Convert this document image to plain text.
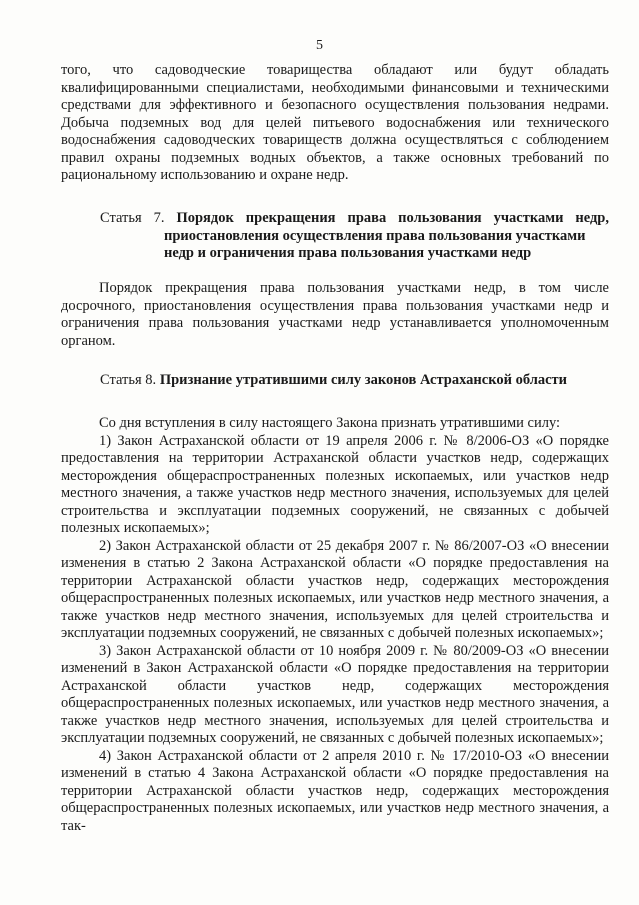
5

того, что садоводческие товарищества обладают или будут обладать квалифицированными специалистами, необходимыми финансовыми и техническими средствами для эффективного и безопасного осуществления пользования недрами. Добыча подземных вод для целей питьевого водоснабжения или технического водоснабжения садоводческих товариществ должна осуществляться с соблюдением правил охраны подземных водных объектов, а также основных требований по рациональному использованию и охране недр.

Статья 7. Порядок прекращения права пользования участками недр,
приостановления осуществления права пользования участками
недр и ограничения права пользования участками недр

Порядок прекращения права пользования участками недр, в том числе досрочного, приостановления осуществления права пользования участками недр и ограничения права пользования участками недр устанавливается уполномоченным органом.

Статья 8. Признание утратившими силу законов Астраханской области

Со дня вступления в силу настоящего Закона признать утратившими силу:

1) Закон Астраханской области от 19 апреля 2006 г. № 8/2006-ОЗ «О порядке предоставления на территории Астраханской области участков недр, содержащих месторождения общераспространенных полезных ископаемых, или участков недр местного значения, а также участков недр местного значения, используемых для целей строительства и эксплуатации подземных сооружений, не связанных с добычей полезных ископаемых»;

2) Закон Астраханской области от 25 декабря 2007 г. № 86/2007-ОЗ «О внесении изменения в статью 2 Закона Астраханской области «О порядке предоставления на территории Астраханской области участков недр, содержащих месторождения общераспространенных полезных ископаемых, или участков недр местного значения, а также участков недр местного значения, используемых для целей строительства и эксплуатации подземных сооружений, не связанных с добычей полезных ископаемых»;

3) Закон Астраханской области от 10 ноября 2009 г. № 80/2009-ОЗ «О внесении изменений в Закон Астраханской области «О порядке предоставления на территории Астраханской области участков недр, содержащих месторождения общераспространенных полезных ископаемых, или участков недр местного значения, а также участков недр местного значения, используемых для целей строительства и эксплуатации подземных сооружений, не связанных с добычей полезных ископаемых»;

4) Закон Астраханской области от 2 апреля 2010 г. № 17/2010-ОЗ «О внесении изменений в статью 4 Закона Астраханской области «О порядке предоставления на территории Астраханской области участков недр, содержащих месторождения общераспространенных полезных ископаемых, или участков недр местного значения, а так-
